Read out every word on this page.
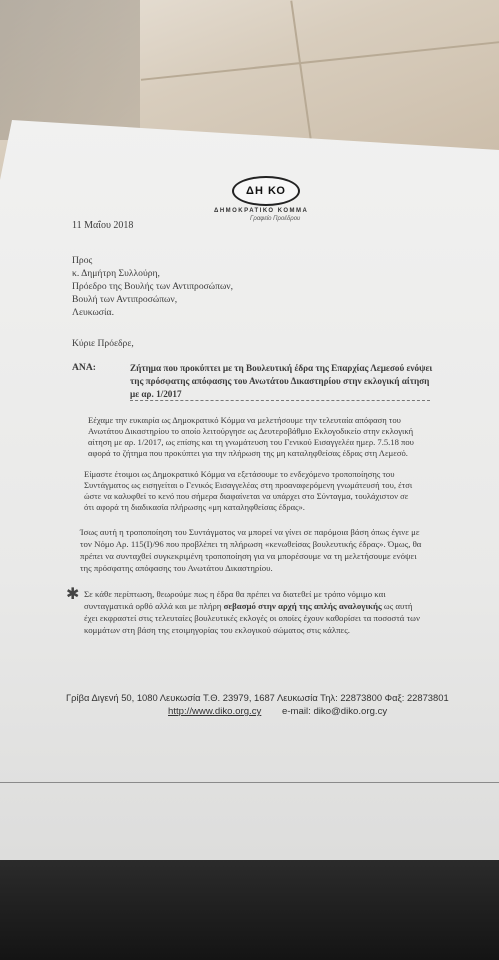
ΔΗ ΚΟ
ΔΗΜΟΚΡΑΤΙΚΟ ΚΟΜΜΑ
Γραφείο Προέδρου
11 Μαΐου 2018
Προς
κ. Δημήτρη Συλλούρη,
Πρόεδρο της Βουλής των Αντιπροσώπων,
Βουλή των Αντιπροσώπων,
Λευκωσία.
Κύριε Πρόεδρε,
ΑΝΑ:	Ζήτημα που προκύπτει με τη Βουλευτική έδρα της Επαρχίας Λεμεσού ενόψει
της πρόσφατης απόφασης του Ανωτάτου Δικαστηρίου στην εκλογική αίτηση
με αρ. 1/2017
Εέχαμε την ευκαιρία ως Δημοκρατικό Κόμμα να μελετήσουμε την τελευταία απόφαση του
Ανωτάτου Δικαστηρίου το οποίο λειτούργησε ως Δευτεροβάθμιο Εκλογοδικείο στην εκλογική
αίτηση με αρ. 1/2017, ως επίσης και τη γνωμάτευση του Γενικού Εισαγγελέα ημερ. 7.5.18 που
αφορά το ζήτημα που προκύπτει για την πλήρωση της μη καταληφθείσας έδρας στη Λεμεσό.
Είμαστε έτοιμοι ως Δημοκρατικό Κόμμα να εξετάσουμε το ενδεχόμενο τροποποίησης του
Συντάγματος ως εισηγείται ο Γενικός Εισαγγελέας στη προαναφερόμενη γνωμάτευσή του, έτσι
ώστε να καλυφθεί το κενό που σήμερα διαφαίνεται να υπάρχει στο Σύνταγμα, τουλάχιστον σε
ότι αφορά τη διαδικασία πλήρωσης «μη καταληφθείσας έδρας».
Ίσως αυτή η τροποποίηση του Συντάγματος να μπορεί να γίνει σε παρόμοια βάση όπως έγινε με
τον Νόμο Αρ. 115(Ι)/96 που προβλέπει τη πλήρωση «κενωθείσας βουλευτικής έδρας». Όμως, θα
πρέπει να συνταχθεί συγκεκριμένη τροποποίηση για να μπορέσουμε να τη μελετήσουμε ενόψει
της πρόσφατης απόφασης του Ανωτάτου Δικαστηρίου.
✱ Σε κάθε περίπτωση, θεωρούμε πως η έδρα θα πρέπει να διατεθεί με τρόπο νόμιμο και
συνταγματικά ορθό αλλά και με πλήρη σεβασμό στην αρχή της απλής αναλογικής ως αυτή
έχει εκφραστεί στις τελευταίες βουλευτικές εκλογές οι οποίες έχουν καθορίσει τα ποσοστά των
κομμάτων στη βάση της ετοιμηγορίας του εκλογικού σώματος στις κάλπες.
Γρίβα Διγενή 50, 1080 Λευκωσία Τ.Θ. 23979, 1687 Λευκωσία Τηλ: 22873800 Φαξ: 22873801
http://www.diko.org.cy e-mail: diko@diko.org.cy
